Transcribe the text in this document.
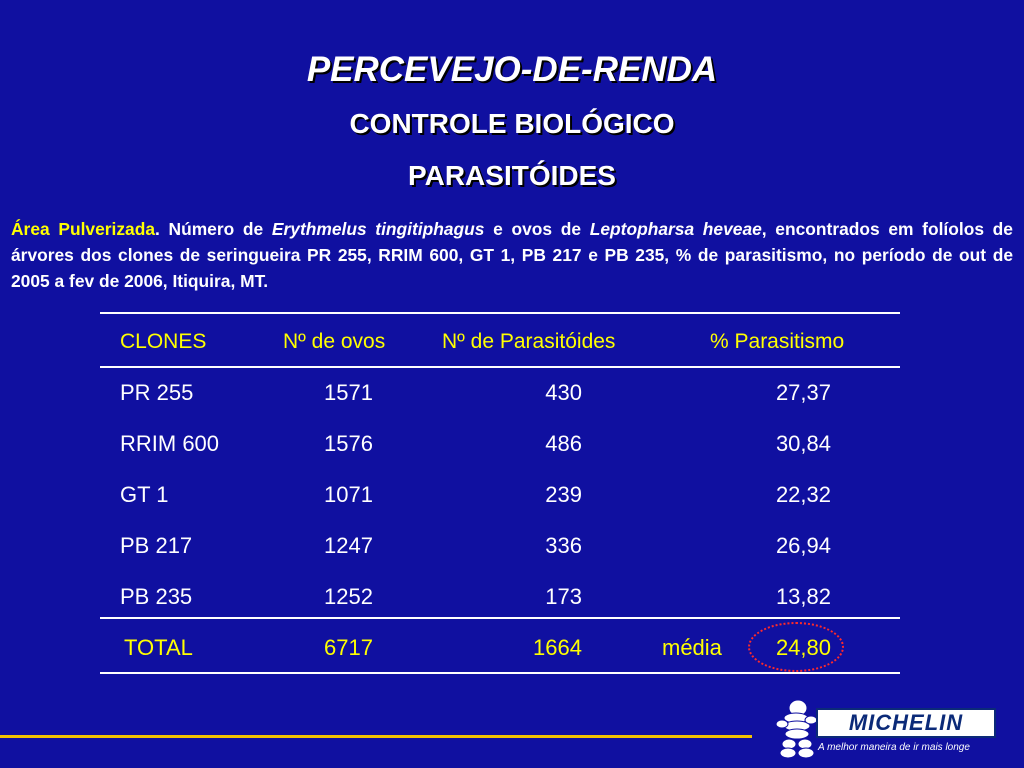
PERCEVEJO-DE-RENDA
CONTROLE BIOLÓGICO
PARASITÓIDES
Área Pulverizada. Número de Erythmelus tingitiphagus e ovos de Leptopharsa heveae, encontrados em folíolos de árvores dos clones de seringueira PR 255, RRIM 600, GT 1, PB 217 e PB 235, % de parasitismo, no período de out de 2005 a fev de 2006, Itiquira, MT.
CLONES	Nº de ovos	Nº de Parasitóides	% Parasitismo
PR 255	1571	430	27,37
RRIM 600	1576	486	30,84
GT 1	1071	239	22,32
PB 217	1247	336	26,94
PB 235	1252	173	13,82
TOTAL	6717	1664	média 24,80
MICHELIN
A melhor maneira de ir mais longe
